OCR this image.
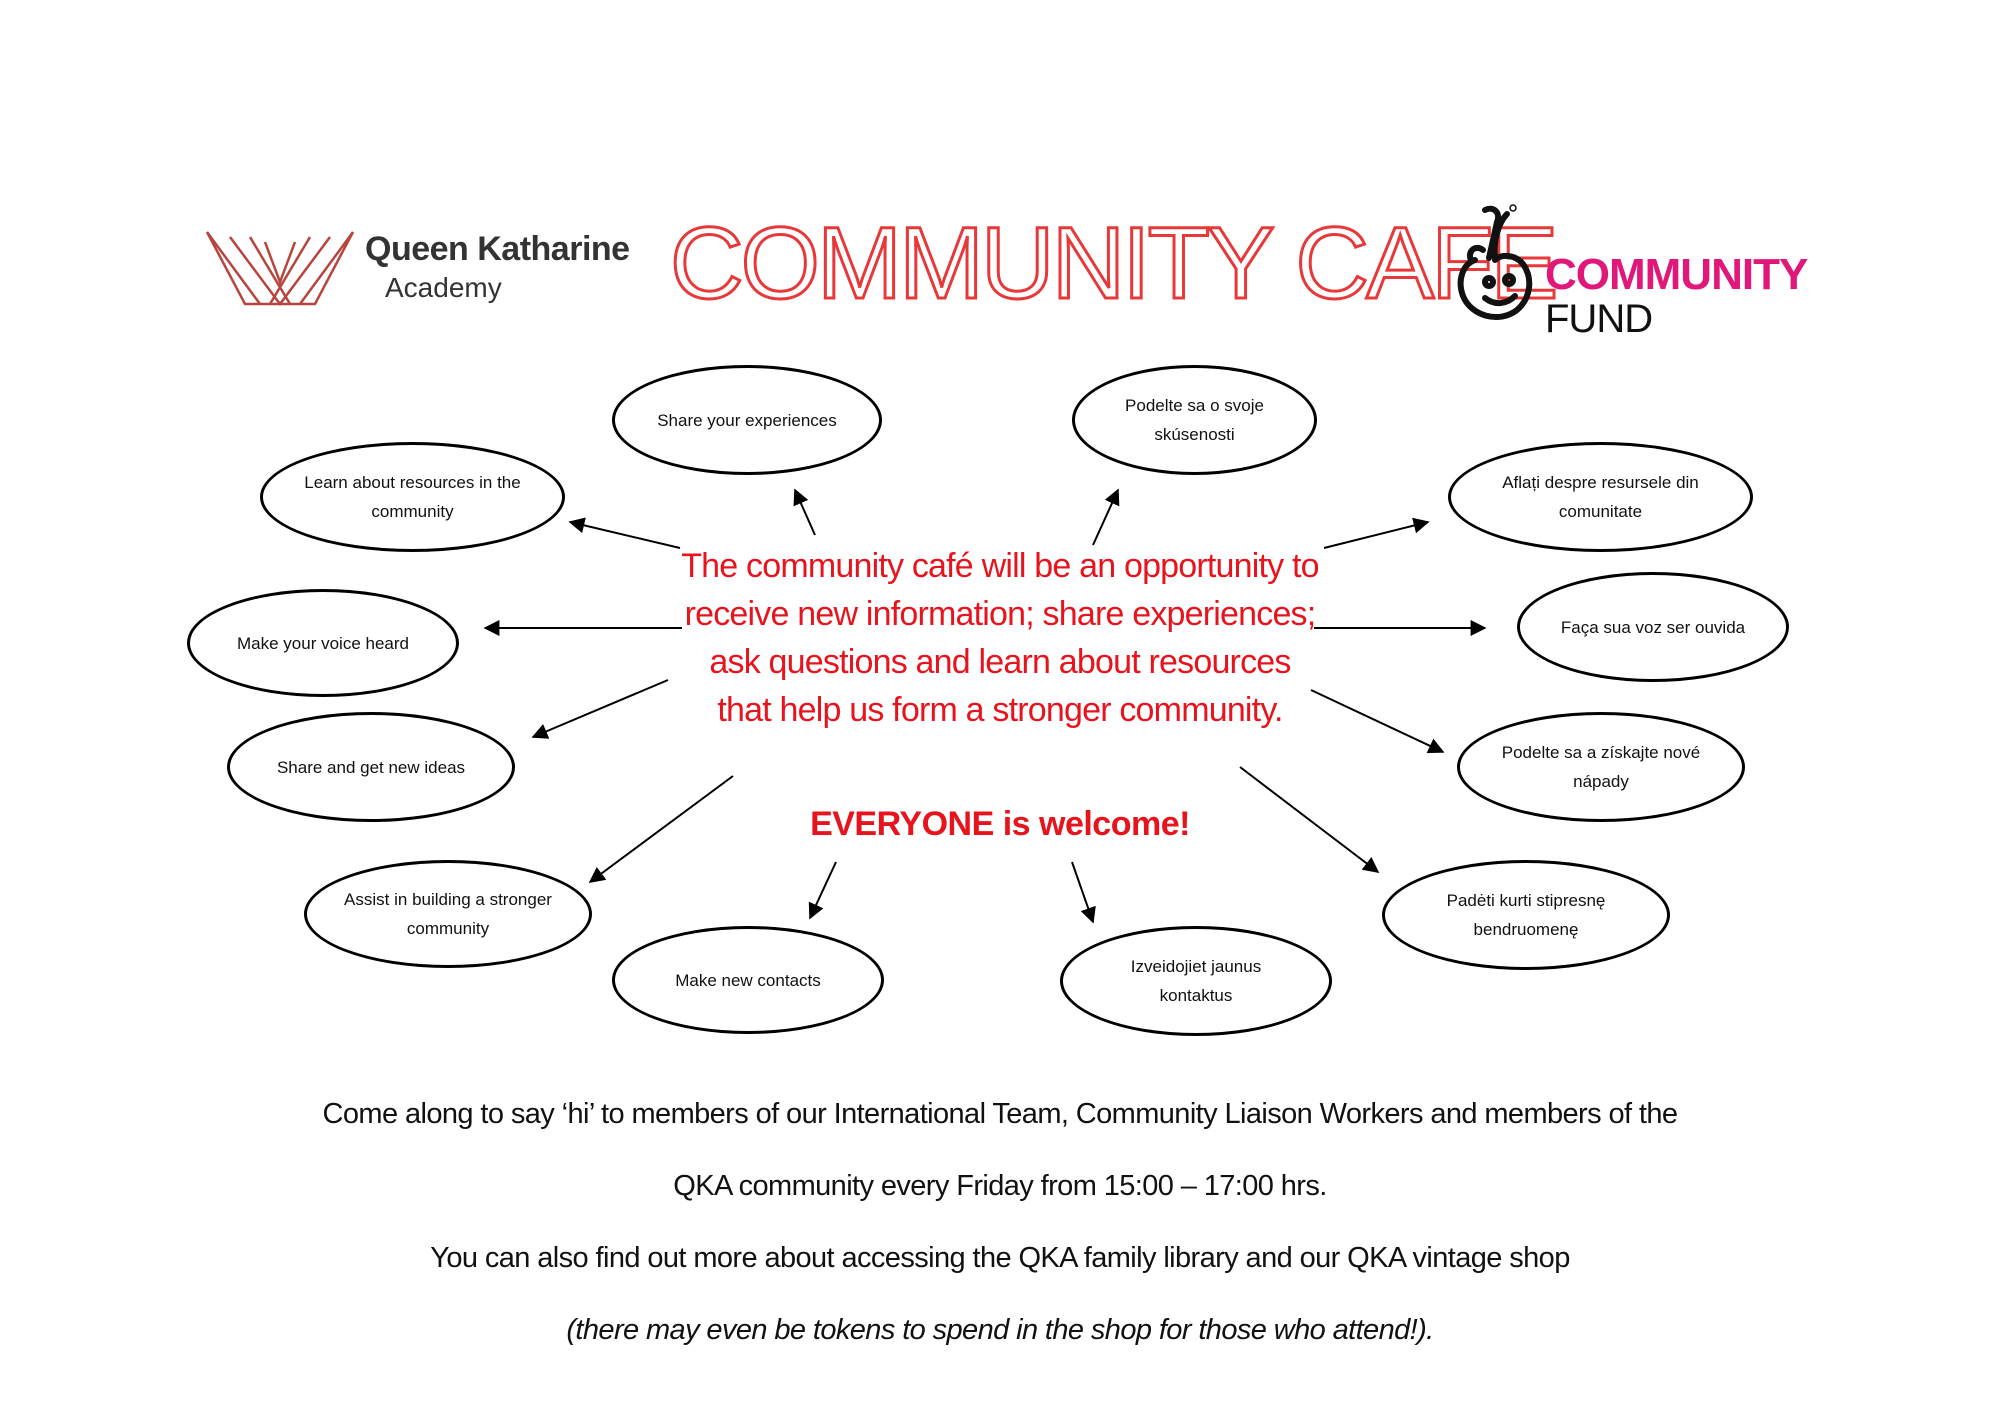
Queen Katharine
Academy COMMUNITY CAFE
COMMUNITY
FUND
Share your experiences
Learn about resources in the community
Make your voice heard
Share and get new ideas
Assist in building a stronger community
Make new contacts
Podelte sa o svoje skúsenosti
Aflați despre resursele din comunitate
Faça sua voz ser ouvida
Podelte sa a získajte nové nápady
Padėti kurti stipresnę bendruomenę
Izveidojiet jaunus kontaktus
The community café will be an opportunity to receive new information; share experiences; ask questions and learn about resources that help us form a stronger community.
EVERYONE is welcome!
Come along to say ‘hi’ to members of our International Team, Community Liaison Workers and members of the
QKA community every Friday from 15:00 – 17:00 hrs.
You can also find out more about accessing the QKA family library and our QKA vintage shop
(there may even be tokens to spend in the shop for those who attend!).
